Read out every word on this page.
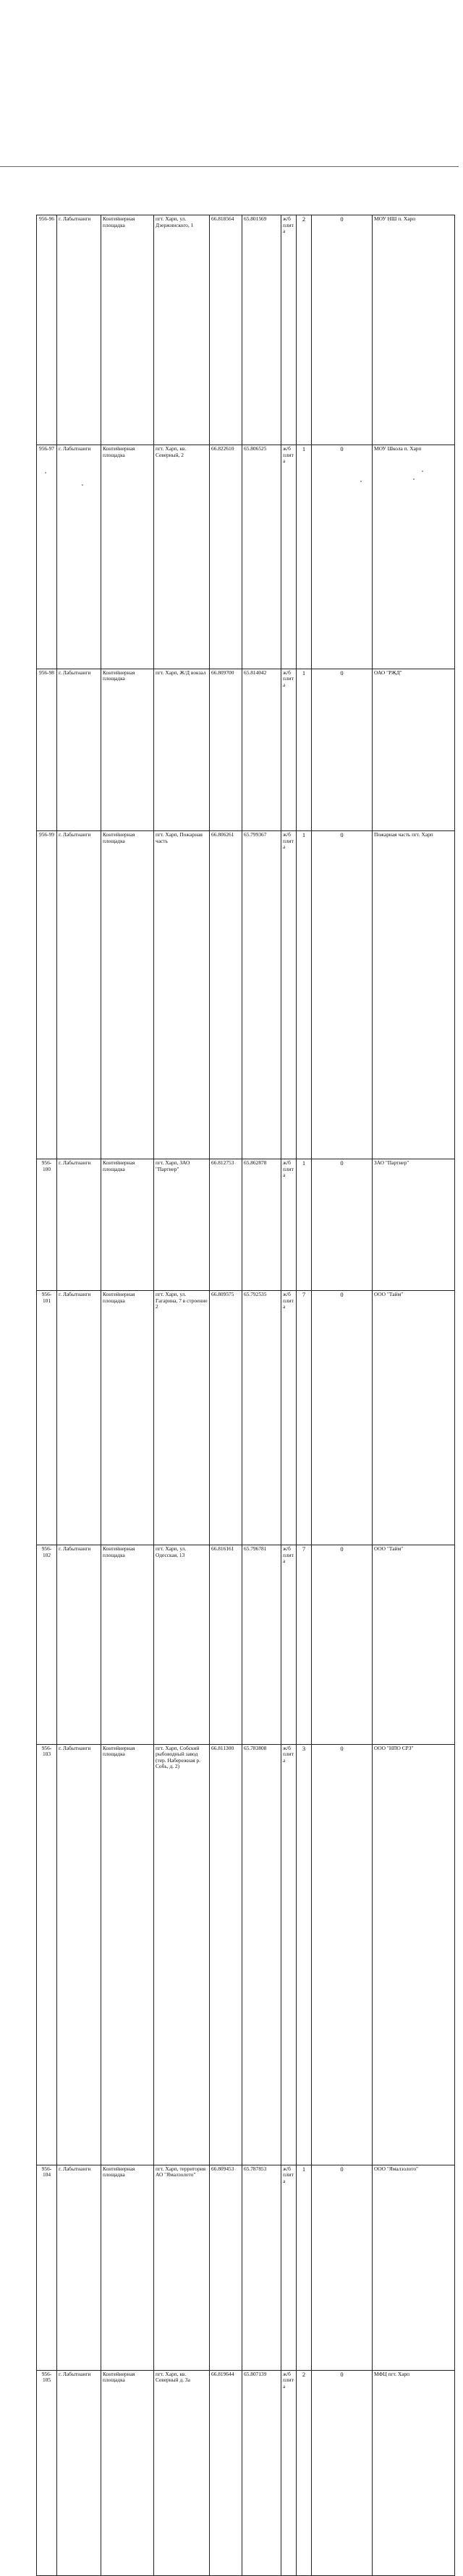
956-96	г. Лабытнанги	Контейнерная площадка	пгт. Харп, ул. Дзержинского, 1	66.818564	65.801569	ж/б плита	2	0	МОУ НШ п. Харп	
956-97	г. Лабытнанги	Контейнерная площадка	пгт. Харп, кв. Северный, 2	66.822610	65.806525	ж/б плита	1	0	МОУ Школа п. Харп	
956-98	г. Лабытнанги	Контейнерная площадка	пгт. Харп, Ж/Д вокзал	66.809700	65.814042	ж/б плита	1	0	ОАО "РЖД"	
956-99	г. Лабытнанги	Контейнерная площадка	пгт. Харп, Пожарная часть	66.806261	65.799367	ж/б плита	1	0	Пожарная часть пгт. Харп	
956-100	г. Лабытнанги	Контейнерная площадка	пгт. Харп, ЗАО "Партнер"	66.812753	65.862878	ж/б плита	1	0	ЗАО "Партнер"	
956-101	г. Лабытнанги	Контейнерная площадка	пгт. Харп, ул. Гагарина, 7 в строение 2	66.809575	65.792535	ж/б плита	7	0	ООО "Тайм"	
956-102	г. Лабытнанги	Контейнерная площадка	пгт. Харп, ул. Одесская, 13	66.816161	65.796781	ж/б плита	7	0	ООО "Тайм"	
956-103	г. Лабытнанги	Контейнерная площадка	пгт. Харп, Собский рыбоводный завод (тер. Набережная р. Собь, д. 2)	66.811300	65.783808	ж/б плита	3	0	ООО "НПО СРЗ"	
956-104	г. Лабытнанги	Контейнерная площадка	пгт. Харп, территория АО "Ямалзолото"	66.809453	65.787853	ж/б плита	1	0	ООО "Ямалзолото"	
956-105	г. Лабытнанги	Контейнерная площадка	пгт. Харп, кв. Северный д. 3а	66.819644	65.807139	ж/б плита	2	0	МФЦ пгт. Харп	
